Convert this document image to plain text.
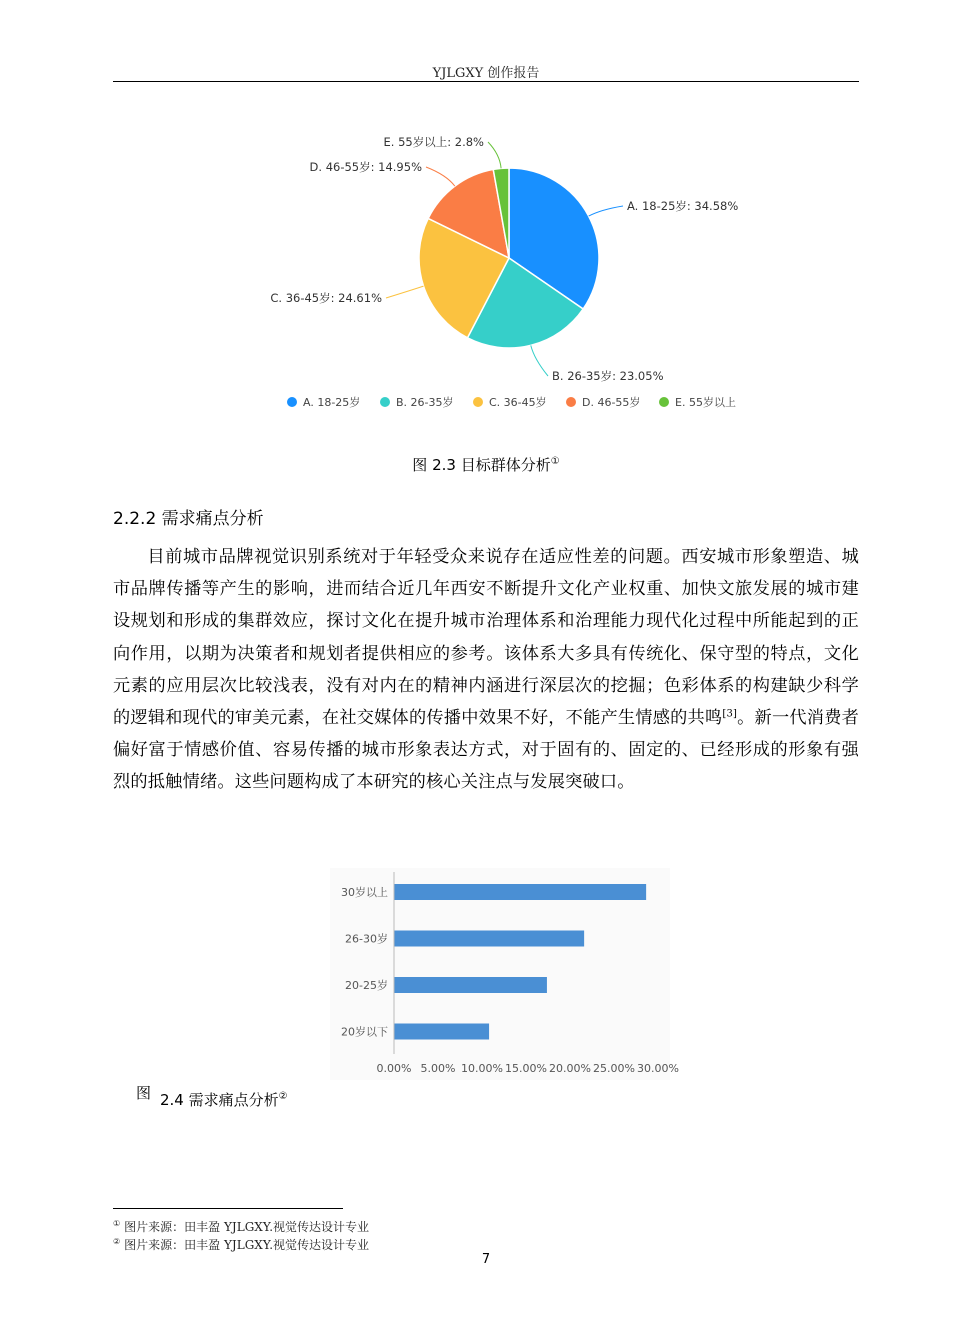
YJLGXY 创作报告
A. 18-25岁: 34.58%
B. 26-35岁: 23.05%
C. 36-45岁: 24.61%
D. 46-55岁: 14.95%
E. 55岁以上: 2.8%
A. 18-25岁	B. 26-35岁	C. 36-45岁	D. 46-55岁	E. 55岁以上
图 2.3 目标群体分析①
2.2.2 需求痛点分析
目前城市品牌视觉识别系统对于年轻受众来说存在适应性差的问题。西安城市形象塑造、城市品牌传播等产生的影响，进而结合近几年西安不断提升文化产业权重、加快文旅发展的城市建设规划和形成的集群效应，探讨文化在提升城市治理体系和治理能力现代化过程中所能起到的正向作用，以期为决策者和规划者提供相应的参考。该体系大多具有传统化、保守型的特点，文化元素的应用层次比较浅表，没有对内在的精神内涵进行深层次的挖掘；色彩体系的构建缺少科学的逻辑和现代的审美元素，在社交媒体的传播中效果不好，不能产生情感的共鸣[3]。新一代消费者偏好富于情感价值、容易传播的城市形象表达方式，对于固有的、固定的、已经形成的形象有强烈的抵触情绪。这些问题构成了本研究的核心关注点与发展突破口。
30岁以上
26-30岁
20-25岁
20岁以下
0.00% 5.00% 10.00% 15.00% 20.00% 25.00% 30.00%
图 2.4 需求痛点分析②
① 图片来源：田丰盈 YJLGXY.视觉传达设计专业
② 图片来源：田丰盈 YJLGXY.视觉传达设计专业
7
